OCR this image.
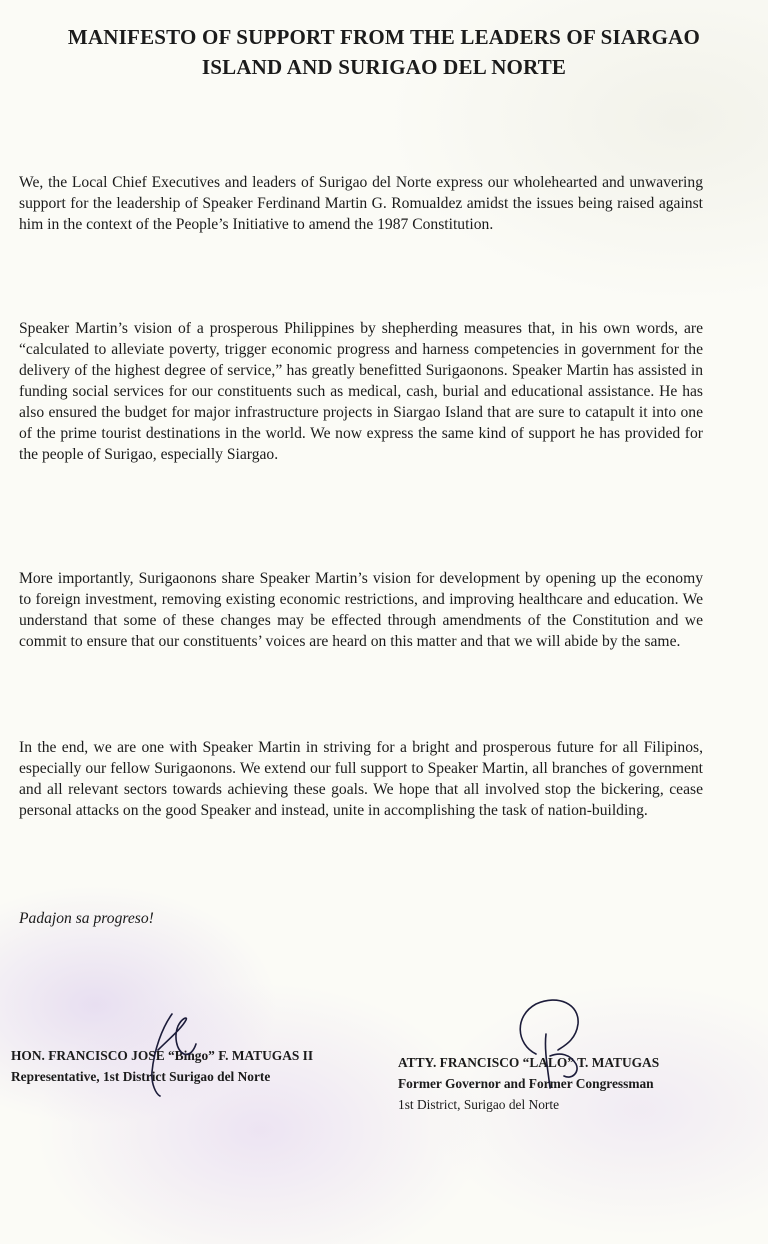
MANIFESTO OF SUPPORT FROM THE LEADERS OF SIARGAO
ISLAND AND SURIGAO DEL NORTE

We, the Local Chief Executives and leaders of Surigao del Norte express our wholehearted and unwavering support for the leadership of Speaker Ferdinand Martin G. Romualdez amidst the issues being raised against him in the context of the People’s Initiative to amend the 1987 Constitution.

Speaker Martin’s vision of a prosperous Philippines by shepherding measures that, in his own words, are “calculated to alleviate poverty, trigger economic progress and harness competencies in government for the delivery of the highest degree of service,” has greatly benefitted Surigaonons. Speaker Martin has assisted in funding social services for our constituents such as medical, cash, burial and educational assistance. He has also ensured the budget for major infrastructure projects in Siargao Island that are sure to catapult it into one of the prime tourist destinations in the world. We now express the same kind of support he has provided for the people of Surigao, especially Siargao.

More importantly, Surigaonons share Speaker Martin’s vision for development by opening up the economy to foreign investment, removing existing economic restrictions, and improving healthcare and education. We understand that some of these changes may be effected through amendments of the Constitution and we commit to ensure that our constituents’ voices are heard on this matter and that we will abide by the same.

In the end, we are one with Speaker Martin in striving for a bright and prosperous future for all Filipinos, especially our fellow Surigaonons. We extend our full support to Speaker Martin, all branches of government and all relevant sectors towards achieving these goals. We hope that all involved stop the bickering, cease personal attacks on the good Speaker and instead, unite in accomplishing the task of nation-building.

Padajon sa progreso!

HON. FRANCISCO JOSE “Bingo” F. MATUGAS II
Representative, 1st District Surigao del Norte
ATTY. FRANCISCO “LALO” T. MATUGAS
Former Governor and Former Congressman
1st District, Surigao del Norte
